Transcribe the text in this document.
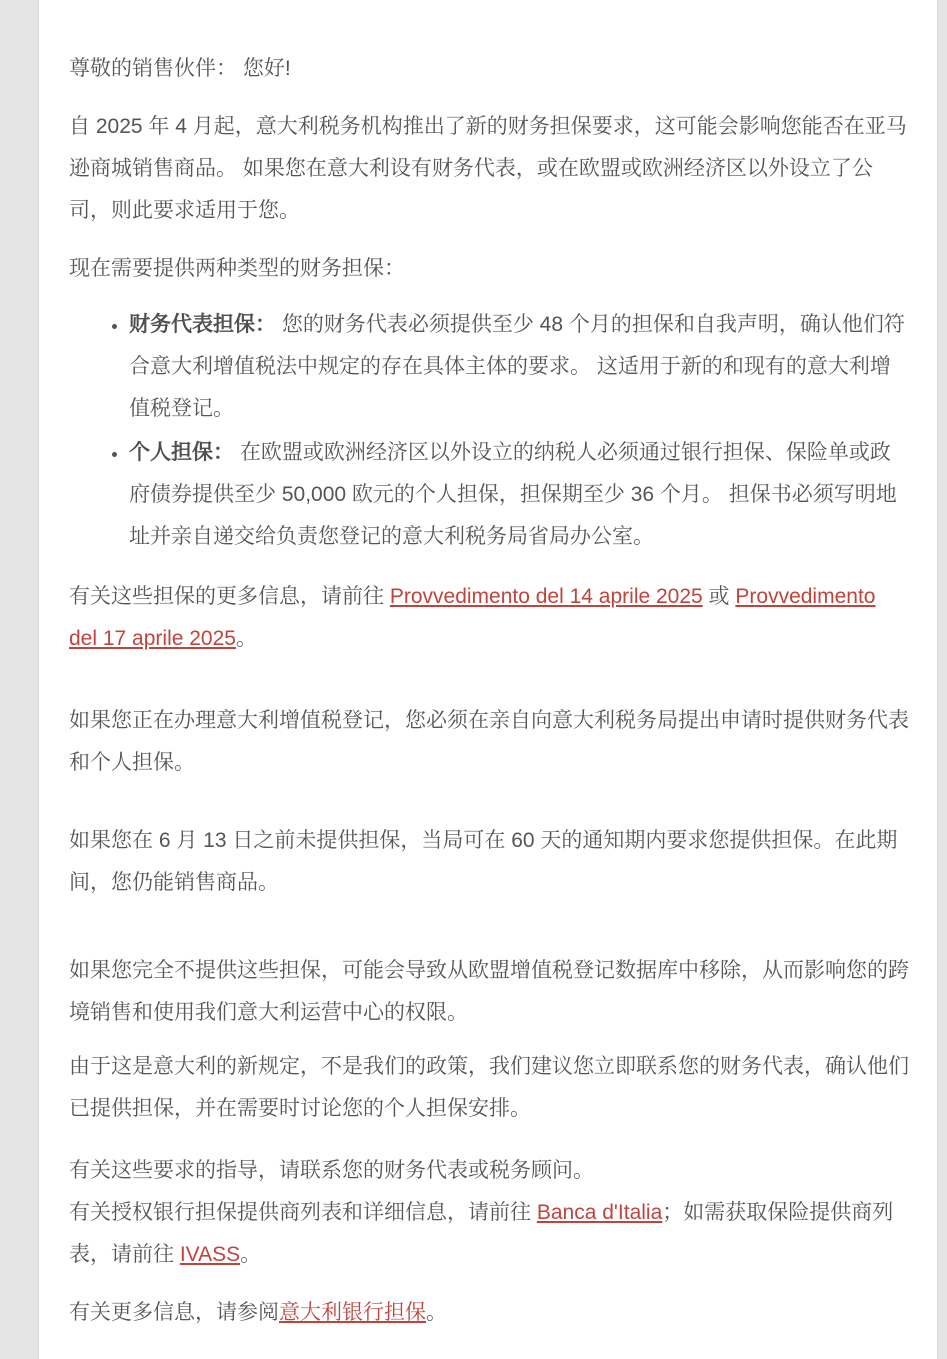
尊敬的销售伙伴： 您好!

自 2025 年 4 月起，意大利税务机构推出了新的财务担保要求，这可能会影响您能否在亚马逊商城销售商品。 如果您在意大利设有财务代表，或在欧盟或欧洲经济区以外设立了公司，则此要求适用于您。

现在需要提供两种类型的财务担保：

• 财务代表担保： 您的财务代表必须提供至少 48 个月的担保和自我声明，确认他们符合意大利增值税法中规定的存在具体主体的要求。 这适用于新的和现有的意大利增值税登记。
• 个人担保： 在欧盟或欧洲经济区以外设立的纳税人必须通过银行担保、保险单或政府债券提供至少 50,000 欧元的个人担保，担保期至少 36 个月。 担保书必须写明地址并亲自递交给负责您登记的意大利税务局省局办公室。

有关这些担保的更多信息，请前往 Provvedimento del 14 aprile 2025 或 Provvedimento del 17 aprile 2025。

如果您正在办理意大利增值税登记，您必须在亲自向意大利税务局提出申请时提供财务代表和个人担保。

如果您在 6 月 13 日之前未提供担保，当局可在 60 天的通知期内要求您提供担保。在此期间，您仍能销售商品。

如果您完全不提供这些担保，可能会导致从欧盟增值税登记数据库中移除，从而影响您的跨境销售和使用我们意大利运营中心的权限。

由于这是意大利的新规定，不是我们的政策，我们建议您立即联系您的财务代表，确认他们已提供担保，并在需要时讨论您的个人担保安排。

有关这些要求的指导，请联系您的财务代表或税务顾问。

有关授权银行担保提供商列表和详细信息，请前往 Banca d'Italia；如需获取保险提供商列表，请前往 IVASS。

有关更多信息，请参阅意大利银行担保。
